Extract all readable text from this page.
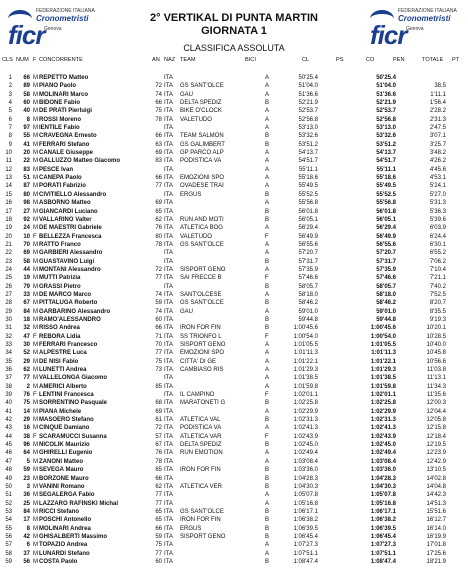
FEDERAZIONE ITALIANA
Cronometristi
ficr Genova
FEDERAZIONE ITALIANA
Cronometristi
ficr Genova
2° VERTIKAL DI PUNTA MARTIN
GIORNATA 1
CLASSIFICA ASSOLUTA
CLS NUM F CONCORRENTE	AN NAZ TEAM	BICI	CL	PS	CO	PEN	TOTALE PT
1	66 M REPETTO Matteo	ITA	A	50'25.4	50'25.4
2	89 M PIANO Paolo	72 ITA GS SANT'OLCE	A	51'04.0	51'04.0	38.5
3	58 M MOLINARI Marco	74 ITA GAU	A	51'36.6	51'36.6	1'11.1
4	60 M BIDONE Fabio	66 ITA DELTA SPEDIZ	B	52'21.9	52'21.9	1'56.4
5	40 M DE PRATI Pierluigi	75 ITA BIKE O'CLOCK	A	52'53.7	52'53.7	2'28.2
6	8 M ROSSI Moreno	78 ITA VALETUDO	A	52'56.8	52'56.8	2'31.3
7	97 M IENTILE Fabio	ITA	A	53'13.0	53'13.0	2'47.5
8	55 M CRAVEGNA Ernesto	66 ITA TEAM SALMON	B	53'32.6	53'32.6	3'07.1
9	41 M FERRARI Stefano	63 ITA GS GALIMBERT	B	53'51.2	53'51.2	3'25.7
10	20 M CANALE Giuseppe	69 ITA GP PARCO ALP	A	54'13.7	54'13.7	3'48.2
11	22 M GALLUZZO Matteo Giacomo	83 ITA PODISTICA VA	A	54'51.7	54'51.7	4'26.2
12	83 M PESCE Ivan	ITA	A	55'11.1	55'11.1	4'45.6
13	51 M CANEPA Paolo	66 ITA EMOZIONI SPO	A	55'18.6	55'18.6	4'53.1
14	87 M PORATI Fabrizio	77 ITA OVADESE TRAI	A	55'49.5	55'49.5	5'24.1
15	80 M CIVITIELLO Alessandro	ITA ERGUS	B	55'52.5	55'52.5	5'27.0
16	98 M ASBORNO Matteo	69 ITA	A	55'56.8	55'56.8	5'31.3
17	27 M GIANCARDI Luciano	65 ITA	B	56'01.8	56'01.8	5'36.3
18	92 M VALLARINO Valter	62 ITA RUN AND MOTI	B	56'05.1	56'05.1	5'39.6
19	24 M DE MAESTRI Gabriele	76 ITA ATLETICA BOG	A	56'29.4	56'29.4	6'03.9
20	10 F BELLEZZA Francesca	80 ITA VALETUDO	F	56'49.9	56'49.9	6'24.4
21	70 M RATTO Franco	78 ITA GS SANT'OLCE	A	56'55.6	56'55.6	6'30.1
22	69 M GARBIERI Alessandro	ITA	A	57'20.7	57'20.7	6'55.2
23	58 M GUASTAVINO Luigi	ITA	B	57'31.7	57'31.7	7'06.2
24	44 M MONTANI Alessandro	72 ITA SISPORT GENO	A	57'35.9	57'35.9	7'10.4
25	19 M MUTTI Patrizia	77 ITA SAI FRECCE B	F	57'46.6	57'46.6	7'21.1
26	79 M GRASSI Pietro	ITA	B	58'05.7	58'05.7	7'40.2
27	33 M DE MARCO Marco	74 ITA SANT'OLCESE	A	58'18.0	58'18.0	7'52.5
28	67 M PITTALUGA Roberto	59 ITA GS SANT'OLCE	B	58'46.2	58'46.2	8'20.7
29	84 M GARBARINO Alessandro	74 ITA GAU	A	59'01.0	59'01.0	8'35.5
30	18 M RAMO'ALESSANDRO	60 ITA	B	59'44.8	59'44.8	9'19.3
31	32 M RISSO Andrea	66 ITA IRON FOR FIN	B	1:00'45.6	1:00'45.6	10'20.1
32	47 F REBORA Lidia	71 ITA SS TRIONFO L	F	1:00'54.0	1:00'54.0	10'28.5
33	30 M FERRARI Francesco	70 ITA SISPORT GENO	A	1:01'05.5	1:01'05.5	10'40.0
34	52 M ALPESTRE Luca	77 ITA EMOZIONI SPO	A	1:01'11.3	1:01'11.3	10'45.8
35	29 M DE NISI Fabio	75 ITA CITTA' DI GE	A	1:01'22.1	1:01'22.1	10'56.6
36	62 M LUNETTI Andrea	73 ITA CAMBIASO RIS	A	1:01'29.3	1:01'29.3	11'03.8
37	77 M VALLELONGA Giacomo	ITA	A	1:01'38.5	1:01'38.5	11'13.1
38	2 M AMERICI Alberto	85 ITA	A	1:01'59.8	1:01'59.8	11'34.3
39	76 F LENTINI Francesca	ITA IL CAMPINO	F	1:02'01.1	1:02'01.1	11'35.6
40	75 M SORRENTINO Pasquale	68 ITA MARATONETI G	B	1:02'25.8	1:02'25.8	12'00.3
41	14 M PIANA Michele	69 ITA	A	1:02'29.9	1:02'29.9	12'04.4
42	29 M MASOERO Stefano	61 ITA ATLETICA VAL	B	1:02'31.3	1:02'31.3	12'05.8
43	16 M CINQUE Damiano	72 ITA PODISTICA VA	A	1:02'41.3	1:02'41.3	12'15.8
44	38 F SCARAMUCCI Susanna	57 ITA ATLETICA VAR	F	1:02'43.9	1:02'43.9	12'18.4
45	96 M NICOLIK Maurizio	67 ITA DELTA SPEDIZ	B	1:02'45.0	1:02'45.0	12'19.5
46	64 M GHIRELLI Eugenio	76 ITA RUN EMOTION	A	1:02'49.4	1:02'49.4	12'23.9
47	5 M ZANONI Matteo	78 ITA	A	1:03'08.4	1:03'08.4	12'42.9
48	59 M SEVEGA Mauro	65 ITA IRON FOR FIN	B	1:03'36.0	1:03'36.0	13'10.5
49	23 M BORZONE Mauro	66 ITA	B	1:04'28.3	1:04'28.3	14'02.8
50	3 M VANINI Romano	62 ITA ATLETICA VER	B	1:04'30.3	1:04'30.3	14'04.8
51	36 M SEGALERGA Fabio	77 ITA	A	1:05'07.8	1:05'07.8	14'42.3
52	25 M LAZZARO RAFINSKI Michal	77 ITA	A	1:05'16.8	1:05'16.8	14'51.3
53	84 M RICCI Stefano	65 ITA GS SANT'OLCE	B	1:06'17.1	1:06'17.1	15'51.6
54	17 M POSCHI Antonello	65 ITA IRON FOR FIN	B	1:06'38.2	1:06'38.2	16'12.7
55	8 M MOLINARI Andrea	66 ITA ERGUS	B	1:06'39.5	1:06'39.5	16'14.0
56	42 M GHISALBERTI Massimo	59 ITA SISPORT GENO	B	1:06'45.4	1:06'45.4	16'19.9
57	6 M TOPAZIO Andrea	75 ITA	A	1:07'27.3	1:07'27.3	17'01.8
58	37 M LUNARDI Stefano	77 ITA	A	1:07'51.1	1:07'51.1	17'25.6
59	56 M COSTA Paolo	60 ITA	B	1:08'47.4	1:08'47.4	18'21.9
